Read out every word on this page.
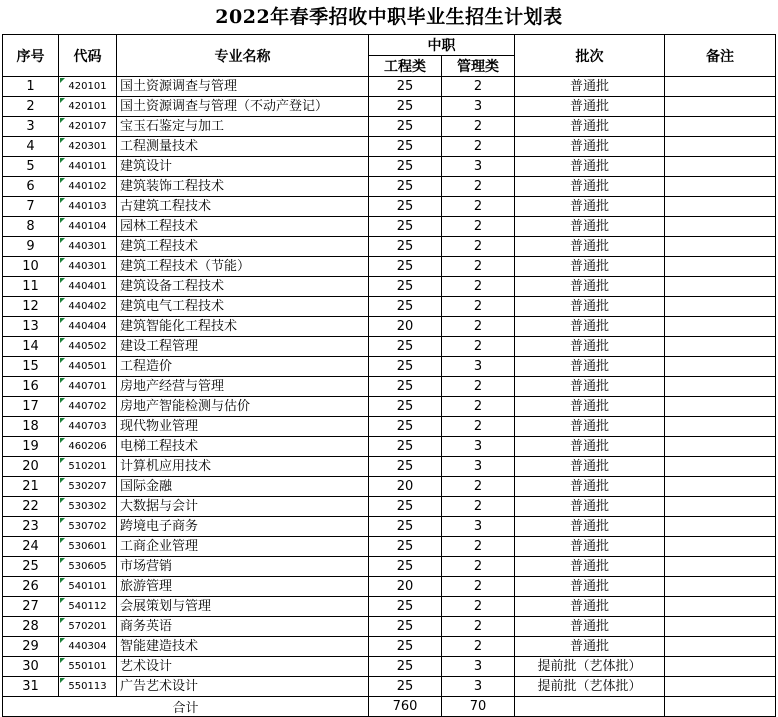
2022年春季招收中职毕业生招生计划表
序号	代码	专业名称	中职		批次	备注
			工程类	管理类		
1	420101	国土资源调查与管理	25	2	普通批	
2	420101	国土资源调查与管理（不动产登记）	25	3	普通批	
3	420107	宝玉石鉴定与加工	25	2	普通批	
4	420301	工程测量技术	25	2	普通批	
5	440101	建筑设计	25	3	普通批	
6	440102	建筑装饰工程技术	25	2	普通批	
7	440103	古建筑工程技术	25	2	普通批	
8	440104	园林工程技术	25	2	普通批	
9	440301	建筑工程技术	25	2	普通批	
10	440301	建筑工程技术（节能）	25	2	普通批	
11	440401	建筑设备工程技术	25	2	普通批	
12	440402	建筑电气工程技术	25	2	普通批	
13	440404	建筑智能化工程技术	20	2	普通批	
14	440502	建设工程管理	25	2	普通批	
15	440501	工程造价	25	3	普通批	
16	440701	房地产经营与管理	25	2	普通批	
17	440702	房地产智能检测与估价	25	2	普通批	
18	440703	现代物业管理	25	2	普通批	
19	460206	电梯工程技术	25	3	普通批	
20	510201	计算机应用技术	25	3	普通批	
21	530207	国际金融	20	2	普通批	
22	530302	大数据与会计	25	2	普通批	
23	530702	跨境电子商务	25	3	普通批	
24	530601	工商企业管理	25	2	普通批	
25	530605	市场营销	25	2	普通批	
26	540101	旅游管理	20	2	普通批	
27	540112	会展策划与管理	25	2	普通批	
28	570201	商务英语	25	2	普通批	
29	440304	智能建造技术	25	2	普通批	
30	550101	艺术设计	25	3	提前批（艺体批）	
31	550113	广告艺术设计	25	3	提前批（艺体批）	
合计			760	70		
